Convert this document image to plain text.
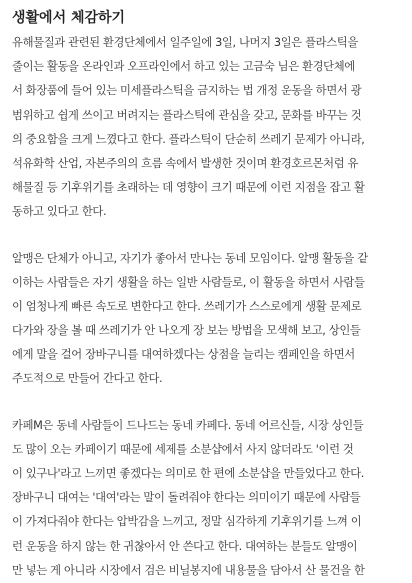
생활에서 체감하기
유해물질과 관련된 환경단체에서 일주일에 3일, 나머지 3일은 플라스틱을
줄이는 활동을 온라인과 오프라인에서 하고 있는 고금숙 님은 환경단체에
서 화장품에 들어 있는 미세플라스틱을 금지하는 법 개정 운동을 하면서 광
범위하고 쉽게 쓰이고 버려지는 플라스틱에 관심을 갖고, 문화를 바꾸는 것
의 중요함을 크게 느꼈다고 한다. 플라스틱이 단순히 쓰레기 문제가 아니라,
석유화학 산업, 자본주의의 흐름 속에서 발생한 것이며 환경호르몬처럼 유
해물질 등 기후위기를 초래하는 데 영향이 크기 때문에 이런 지점을 잡고 활
동하고 있다고 한다.
알맹은 단체가 아니고, 자기가 좋아서 만나는 동네 모임이다. 알맹 활동을 같
이하는 사람들은 자기 생활을 하는 일반 사람들로, 이 활동을 하면서 사람들
이 엄청나게 빠른 속도로 변한다고 한다. 쓰레기가 스스로에게 생활 문제로
다가와 장을 볼 때 쓰레기가 안 나오게 장 보는 방법을 모색해 보고, 상인들
에게 말을 걸어 장바구니를 대여하겠다는 상점을 늘리는 캠페인을 하면서
주도적으로 만들어 간다고 한다.
카페M은 동네 사람들이 드나드는 동네 카페다. 동네 어르신들, 시장 상인들
도 많이 오는 카페이기 때문에 세제를 소분샵에서 사지 않더라도 '이런 것
이 있구나'라고 느끼면 좋겠다는 의미로 한 편에 소분샵을 만들었다고 한다.
장바구니 대여는 '대여'라는 말이 돌려줘야 한다는 의미이기 때문에 사람들
이 가져다줘야 한다는 압박감을 느끼고, 정말 심각하게 기후위기를 느껴 이
런 운동을 하지 않는 한 귀찮아서 안 쓴다고 한다. 대여하는 분들도 알맹이
만 넣는 게 아니라 시장에서 검은 비닐봉지에 내용물을 담아서 산 물건을 한
